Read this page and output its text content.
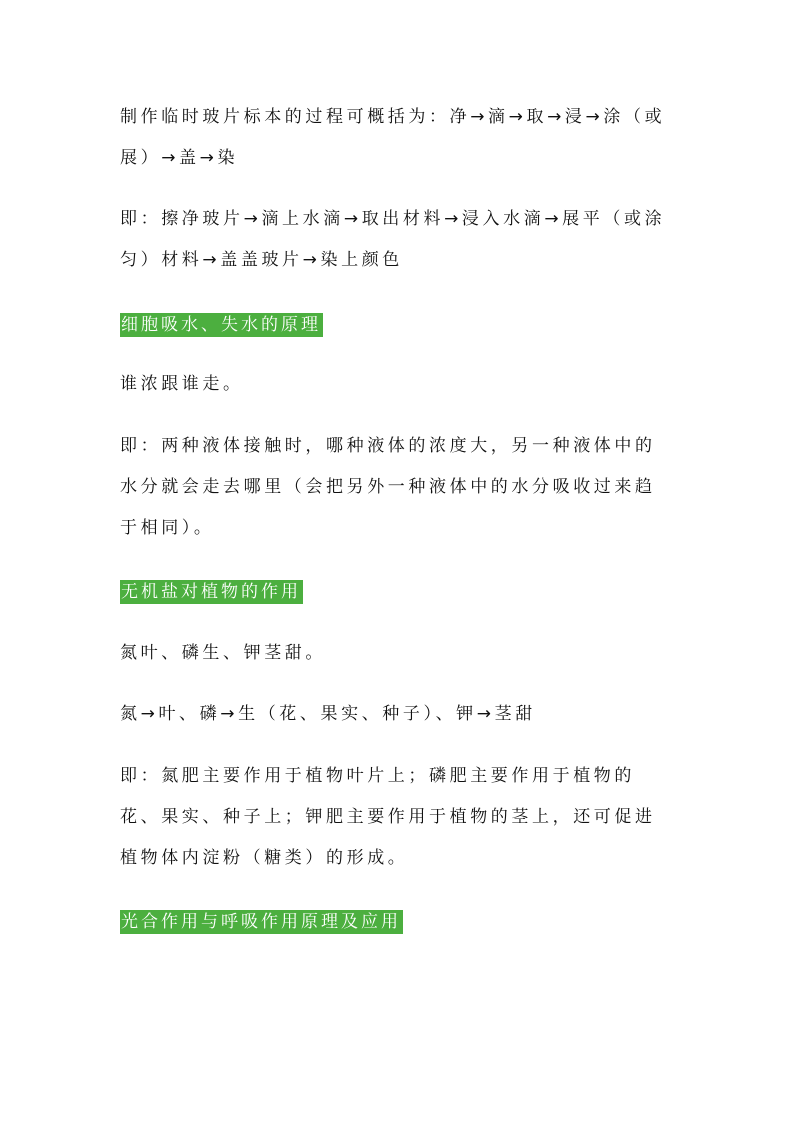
制作临时玻片标本的过程可概括为：净→滴→取→浸→涂（或展）→盖→染

即：擦净玻片→滴上水滴→取出材料→浸入水滴→展平（或涂匀）材料→盖盖玻片→染上颜色

细胞吸水、失水的原理

谁浓跟谁走。

即：两种液体接触时，哪种液体的浓度大，另一种液体中的水分就会走去哪里（会把另外一种液体中的水分吸收过来趋于相同）。

无机盐对植物的作用

氮叶、磷生、钾茎甜。

氮→叶、磷→生（花、果实、种子）、钾→茎甜

即：氮肥主要作用于植物叶片上；磷肥主要作用于植物的花、果实、种子上；钾肥主要作用于植物的茎上，还可促进植物体内淀粉（糖类）的形成。

光合作用与呼吸作用原理及应用
